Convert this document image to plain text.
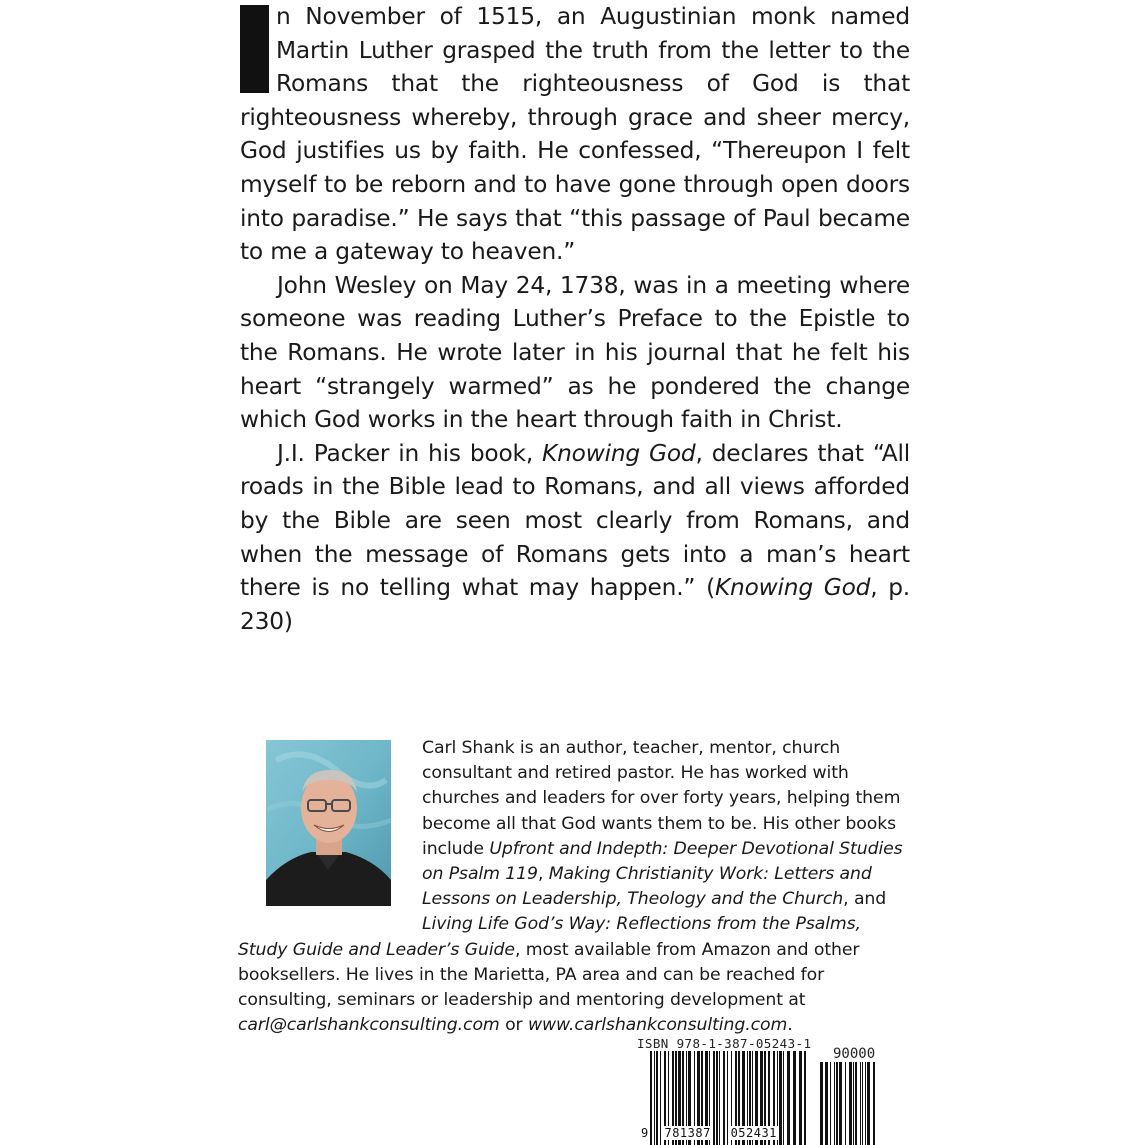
n November of 1515, an Augustinian monk named Martin Luther grasped the truth from the letter to the Romans that the righteousness of God is that righteousness whereby, through grace and sheer mercy, God justifies us by faith. He confessed, “Thereupon I felt myself to be reborn and to have gone through open doors into paradise.” He says that “this passage of Paul became to me a gateway to heaven.”

John Wesley on May 24, 1738, was in a meeting where someone was reading Luther’s Preface to the Epistle to the Romans. He wrote later in his journal that he felt his heart “strangely warmed” as he pondered the change which God works in the heart through faith in Christ.

J.I. Packer in his book, Knowing God, declares that “All roads in the Bible lead to Romans, and all views afforded by the Bible are seen most clearly from Romans, and when the message of Romans gets into a man’s heart there is no telling what may happen.” (Knowing God, p. 230)

Carl Shank is an author, teacher, mentor, church consultant and retired pastor. He has worked with churches and leaders for over forty years, helping them become all that God wants them to be. His other books include Upfront and Indepth: Deeper Devotional Studies on Psalm 119, Making Christianity Work: Letters and Lessons on Leadership, Theology and the Church, and Living Life God’s Way: Reflections from the Psalms, Study Guide and Leader’s Guide, most available from Amazon and other booksellers. He lives in the Marietta, PA area and can be reached for consulting, seminars or leadership and mentoring development at carl@carlshankconsulting.com or www.carlshankconsulting.com.
ISBN 978-1-387-05243-1
90000
9 781387 052431
